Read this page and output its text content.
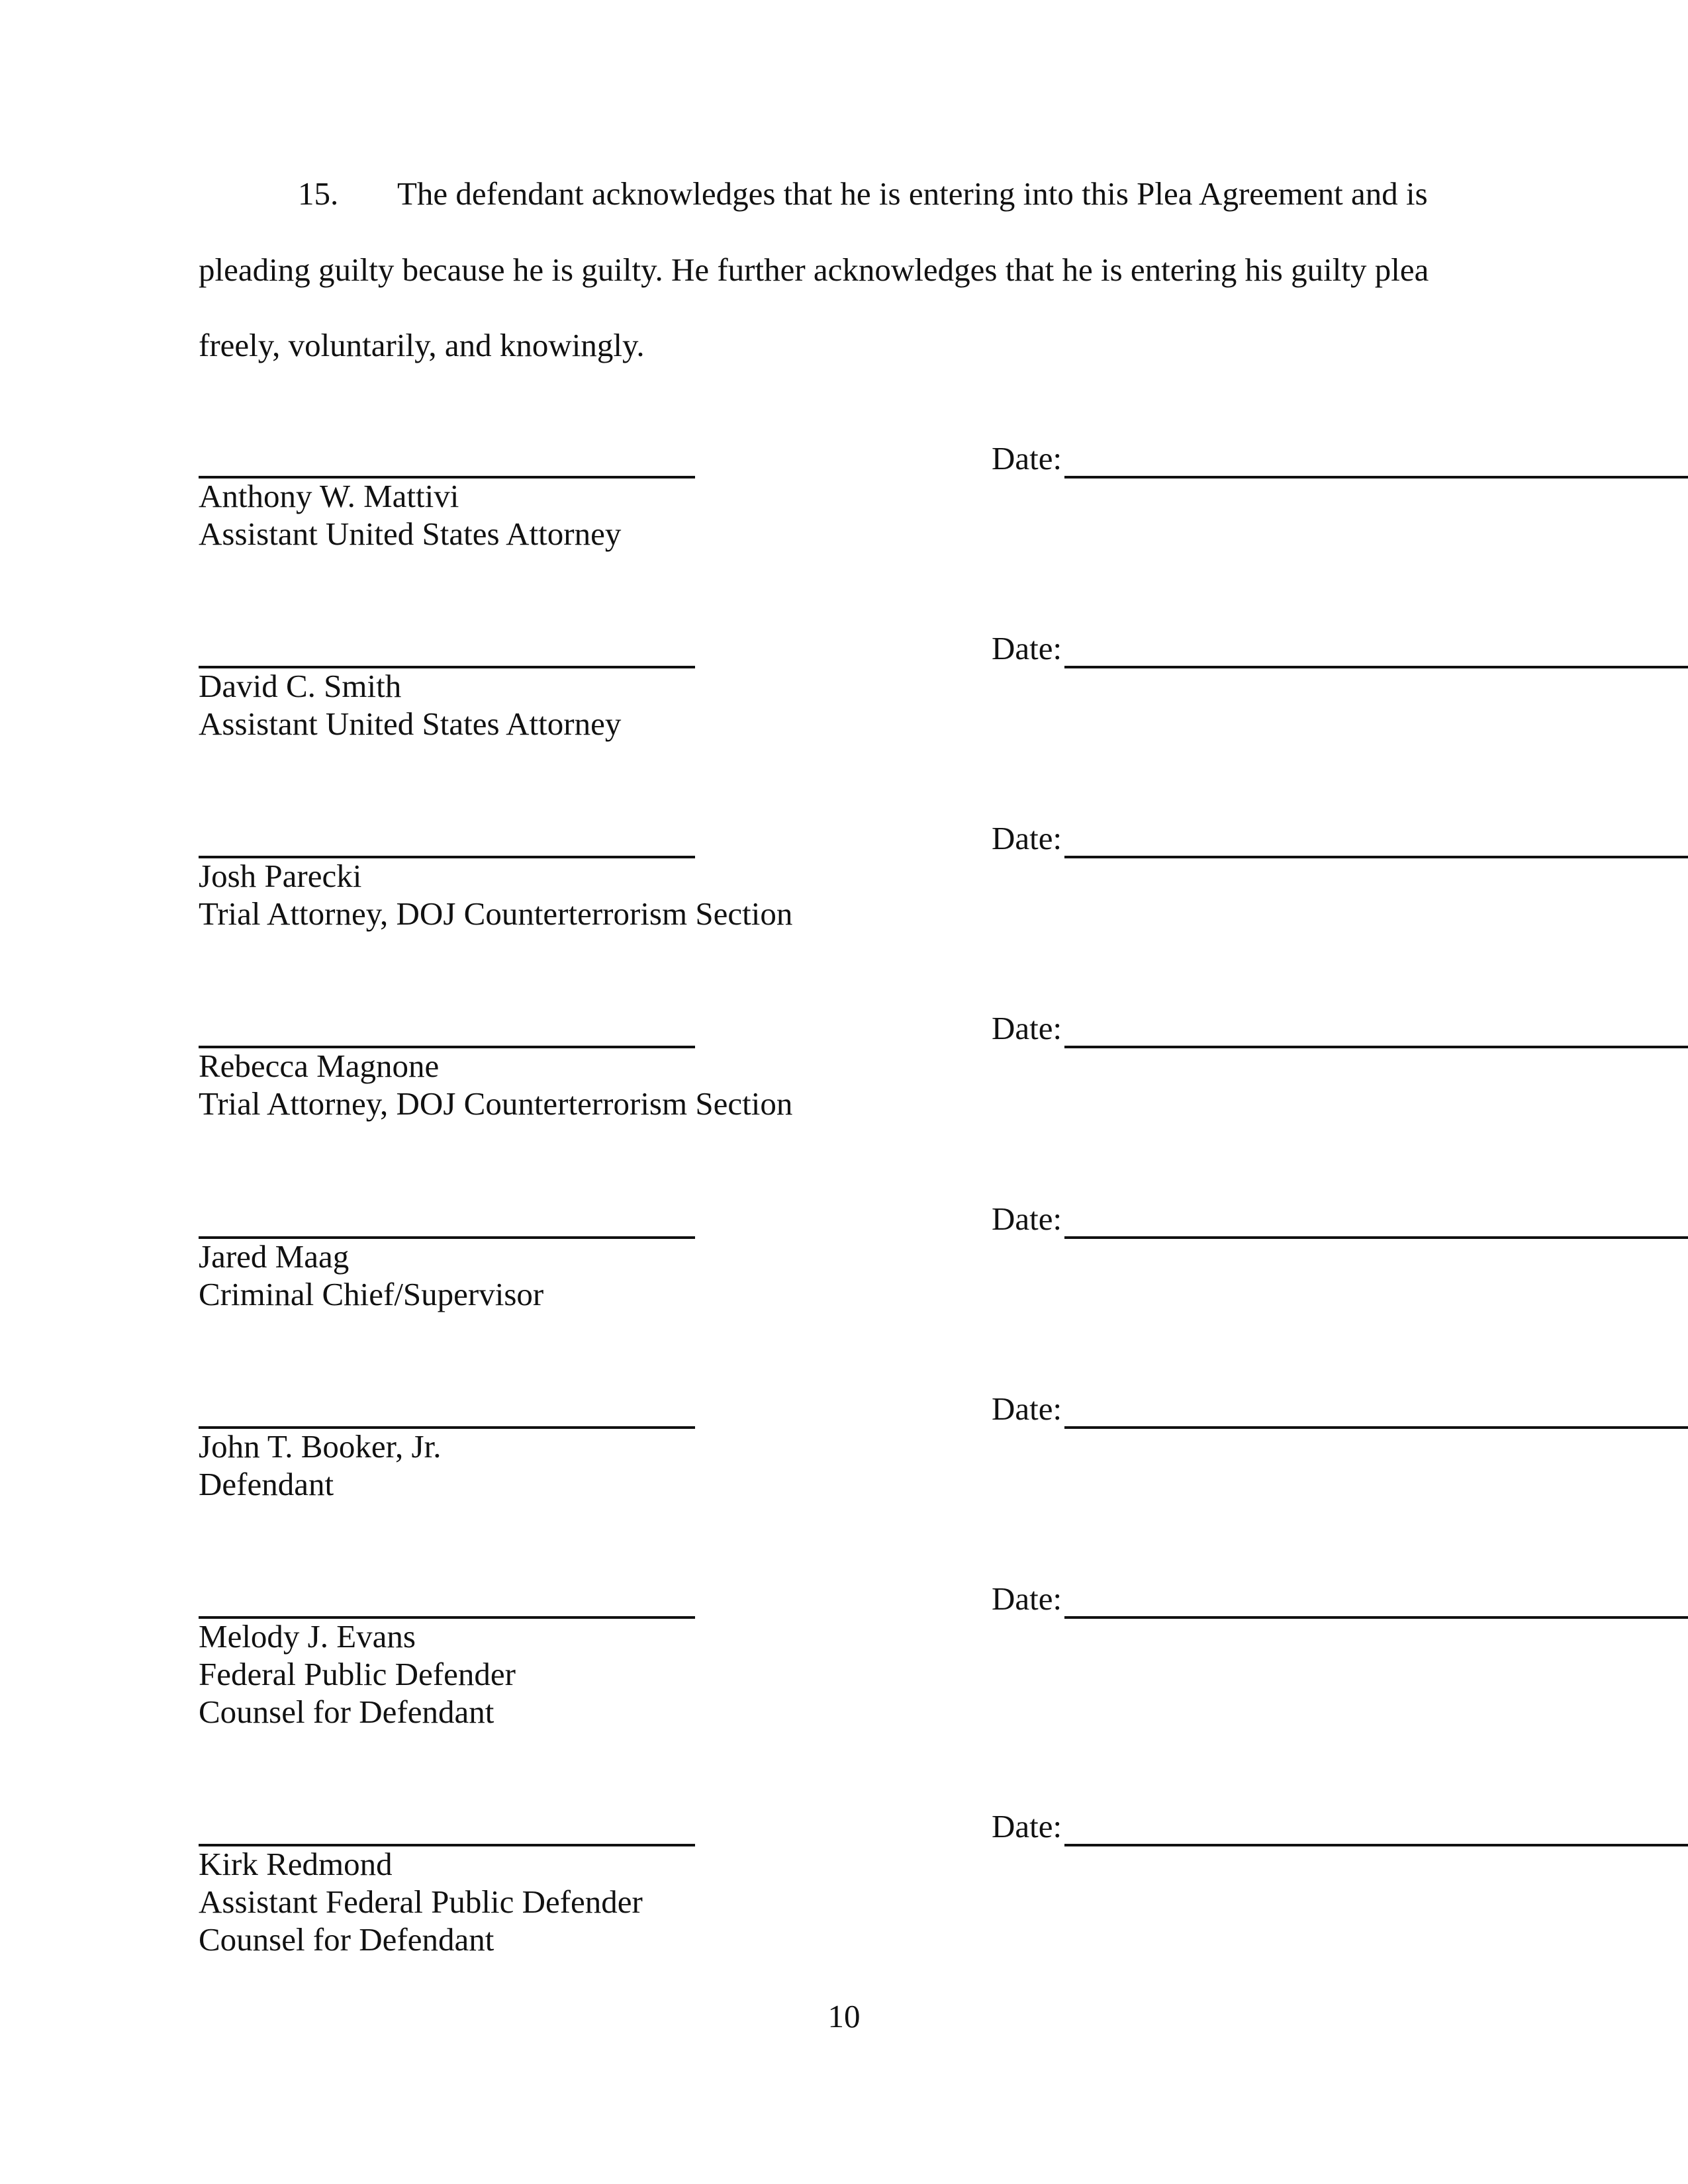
15. The defendant acknowledges that he is entering into this Plea Agreement and is
pleading guilty because he is guilty. He further acknowledges that he is entering his guilty plea
freely, voluntarily, and knowingly.
Date:
Anthony W. Mattivi
Assistant United States Attorney
Date:
David C. Smith
Assistant United States Attorney
Date:
Josh Parecki
Trial Attorney, DOJ Counterterrorism Section
Date:
Rebecca Magnone
Trial Attorney, DOJ Counterterrorism Section
Date:
Jared Maag
Criminal Chief/Supervisor
Date:
John T. Booker, Jr.
Defendant
Date:
Melody J. Evans
Federal Public Defender
Counsel for Defendant
Date:
Kirk Redmond
Assistant Federal Public Defender
Counsel for Defendant
10
